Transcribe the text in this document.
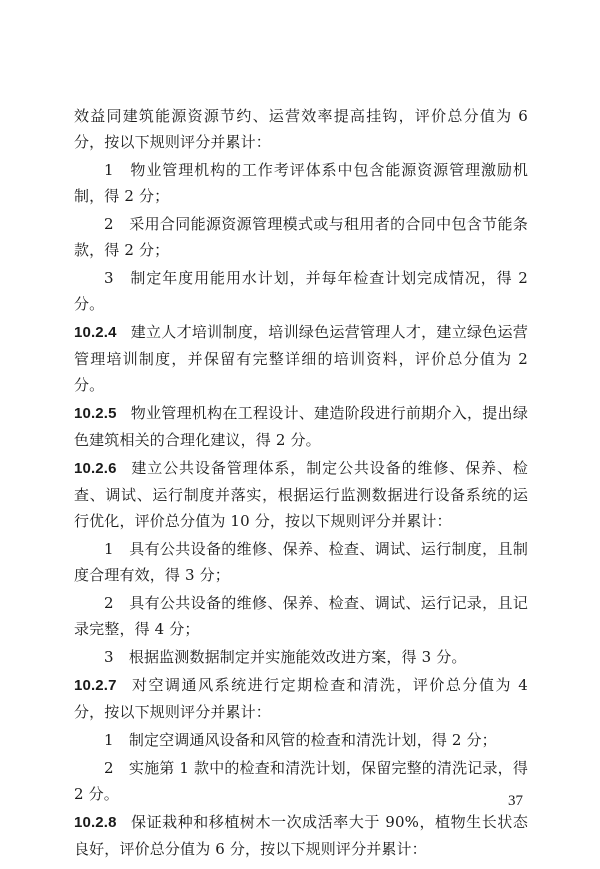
效益同建筑能源资源节约、运营效率提高挂钩，评价总分值为 6 分，按以下规则评分并累计：

1　物业管理机构的工作考评体系中包含能源资源管理激励机制，得 2 分；

2　采用合同能源资源管理模式或与租用者的合同中包含节能条款，得 2 分；

3　制定年度用能用水计划，并每年检查计划完成情况，得 2 分。

10.2.4 建立人才培训制度，培训绿色运营管理人才，建立绿色运营管理培训制度，并保留有完整详细的培训资料，评价总分值为 2 分。

10.2.5 物业管理机构在工程设计、建造阶段进行前期介入，提出绿色建筑相关的合理化建议，得 2 分。

10.2.6 建立公共设备管理体系，制定公共设备的维修、保养、检查、调试、运行制度并落实，根据运行监测数据进行设备系统的运行优化，评价总分值为 10 分，按以下规则评分并累计：

1　具有公共设备的维修、保养、检查、调试、运行制度，且制度合理有效，得 3 分；

2　具有公共设备的维修、保养、检查、调试、运行记录，且记录完整，得 4 分；

3　根据监测数据制定并实施能效改进方案，得 3 分。

10.2.7 对空调通风系统进行定期检查和清洗，评价总分值为 4 分，按以下规则评分并累计：

1　制定空调通风设备和风管的检查和清洗计划，得 2 分；

2　实施第 1 款中的检查和清洗计划，保留完整的清洗记录，得 2 分。

10.2.8 保证栽种和移植树木一次成活率大于 90%，植物生长状态良好，评价总分值为 6 分，按以下规则评分并累计：

37
